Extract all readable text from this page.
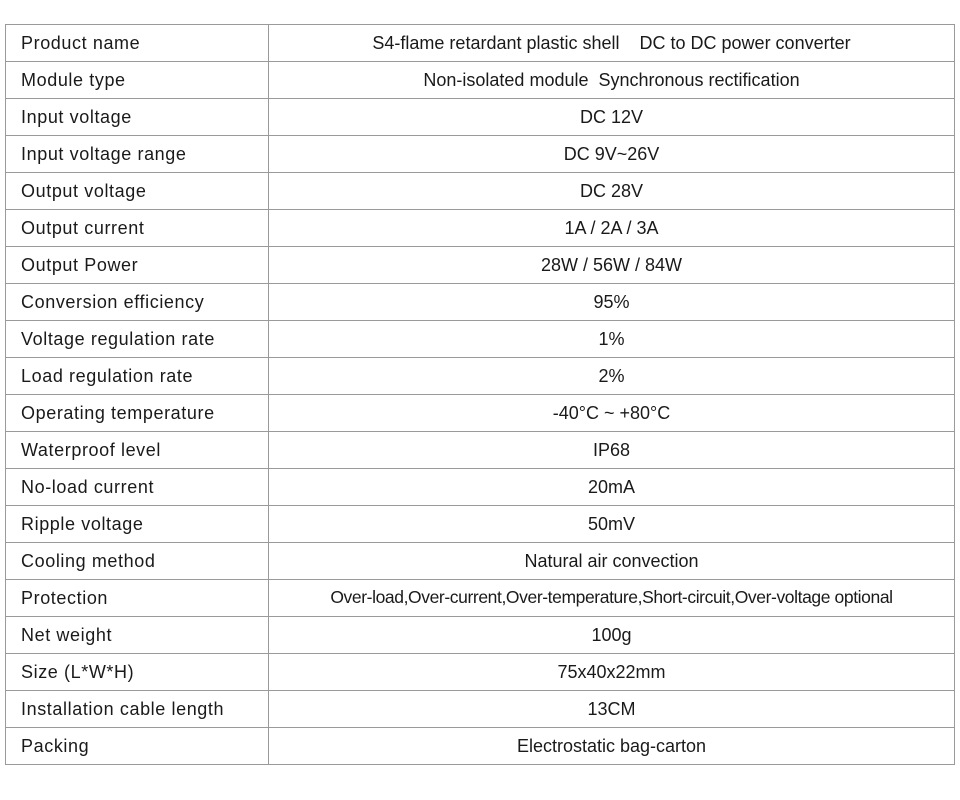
Product name	S4-flame retardant plastic shell    DC to DC power converter
Module type	Non-isolated module  Synchronous rectification
Input voltage	DC 12V
Input voltage range	DC 9V~26V
Output voltage	DC 28V
Output current	1A / 2A / 3A
Output Power	28W / 56W / 84W
Conversion efficiency	95%
Voltage regulation rate	1%
Load regulation rate	2%
Operating temperature	-40°C ~ +80°C
Waterproof level	IP68
No-load current	20mA
Ripple voltage	50mV
Cooling method	Natural air convection
Protection	Over-load,Over-current,Over-temperature,Short-circuit,Over-voltage optional
Net weight	100g
Size (L*W*H)	75x40x22mm
Installation cable length	13CM
Packing	Electrostatic bag-carton
